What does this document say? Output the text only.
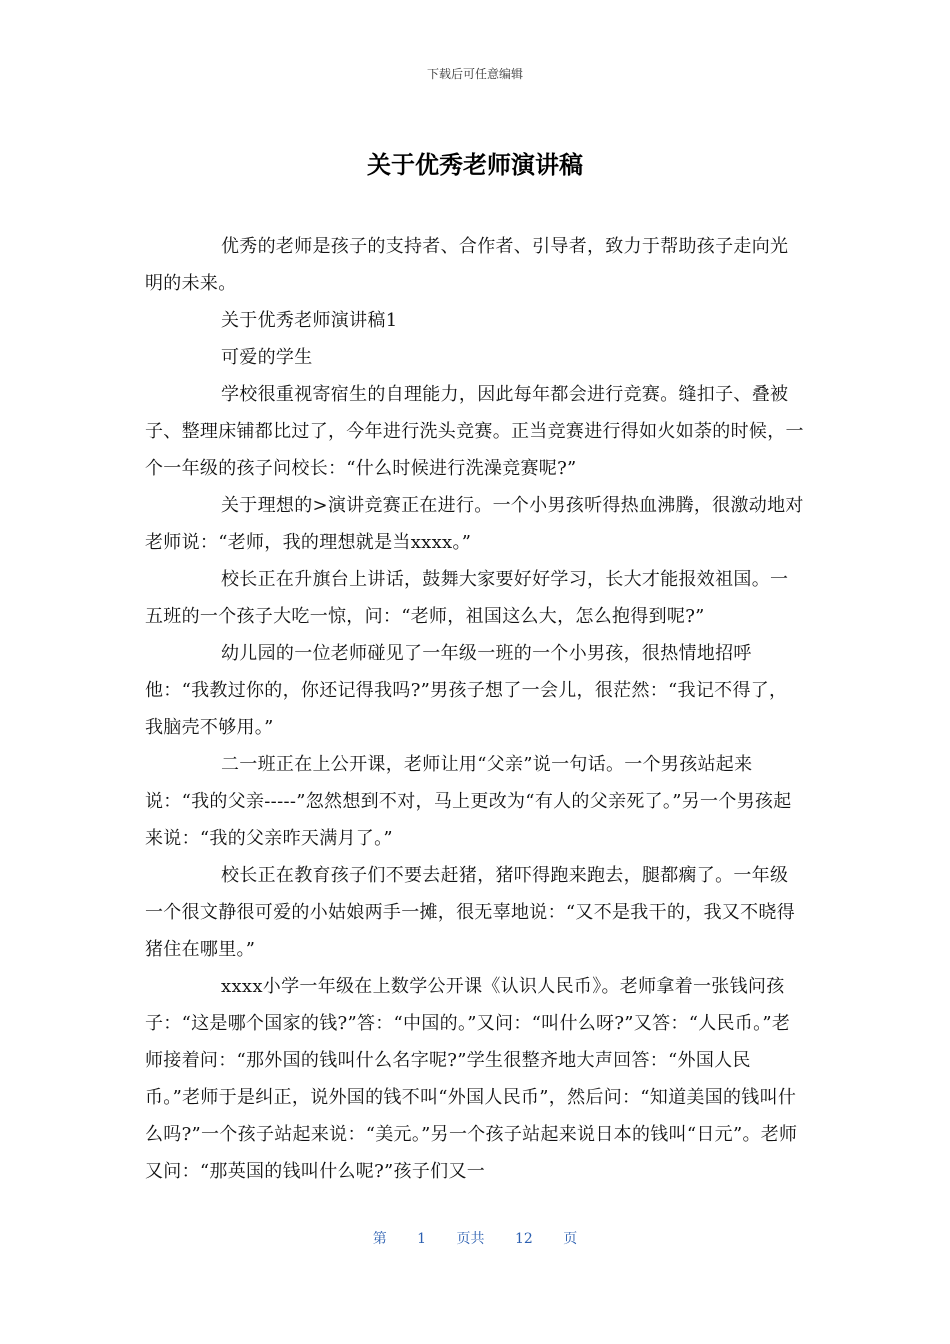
下载后可任意编辑
关于优秀老师演讲稿

优秀的老师是孩子的支持者、合作者、引导者，致力于帮助孩子走向光明的未来。

关于优秀老师演讲稿1

可爱的学生

学校很重视寄宿生的自理能力，因此每年都会进行竞赛。缝扣子、叠被子、整理床铺都比过了，今年进行洗头竞赛。正当竞赛进行得如火如荼的时候，一个一年级的孩子问校长：“什么时候进行洗澡竞赛呢?”

关于理想的>演讲竞赛正在进行。一个小男孩听得热血沸腾，很激动地对老师说：“老师，我的理想就是当xxxx。”

校长正在升旗台上讲话，鼓舞大家要好好学习，长大才能报效祖国。一五班的一个孩子大吃一惊，问：“老师，祖国这么大，怎么抱得到呢?”

幼儿园的一位老师碰见了一年级一班的一个小男孩，很热情地招呼他：“我教过你的，你还记得我吗?”男孩子想了一会儿，很茫然：“我记不得了，我脑壳不够用。”

二一班正在上公开课，老师让用“父亲”说一句话。一个男孩站起来说：“我的父亲-----”忽然想到不对，马上更改为“有人的父亲死了。”另一个男孩起来说：“我的父亲昨天满月了。”

校长正在教育孩子们不要去赶猪，猪吓得跑来跑去，腿都瘸了。一年级一个很文静很可爱的小姑娘两手一摊，很无辜地说：“又不是我干的，我又不晓得猪住在哪里。”

xxxx小学一年级在上数学公开课《认识人民币》。老师拿着一张钱问孩子：“这是哪个国家的钱?”答：“中国的。”又问：“叫什么呀?”又答：“人民币。”老师接着问：“那外国的钱叫什么名字呢?”学生很整齐地大声回答：“外国人民币。”老师于是纠正，说外国的钱不叫“外国人民币”，然后问：“知道美国的钱叫什么吗?”一个孩子站起来说：“美元。”另一个孩子站起来说日本的钱叫“日元”。老师又问：“那英国的钱叫什么呢?”孩子们又一

第 1 页共 12 页
